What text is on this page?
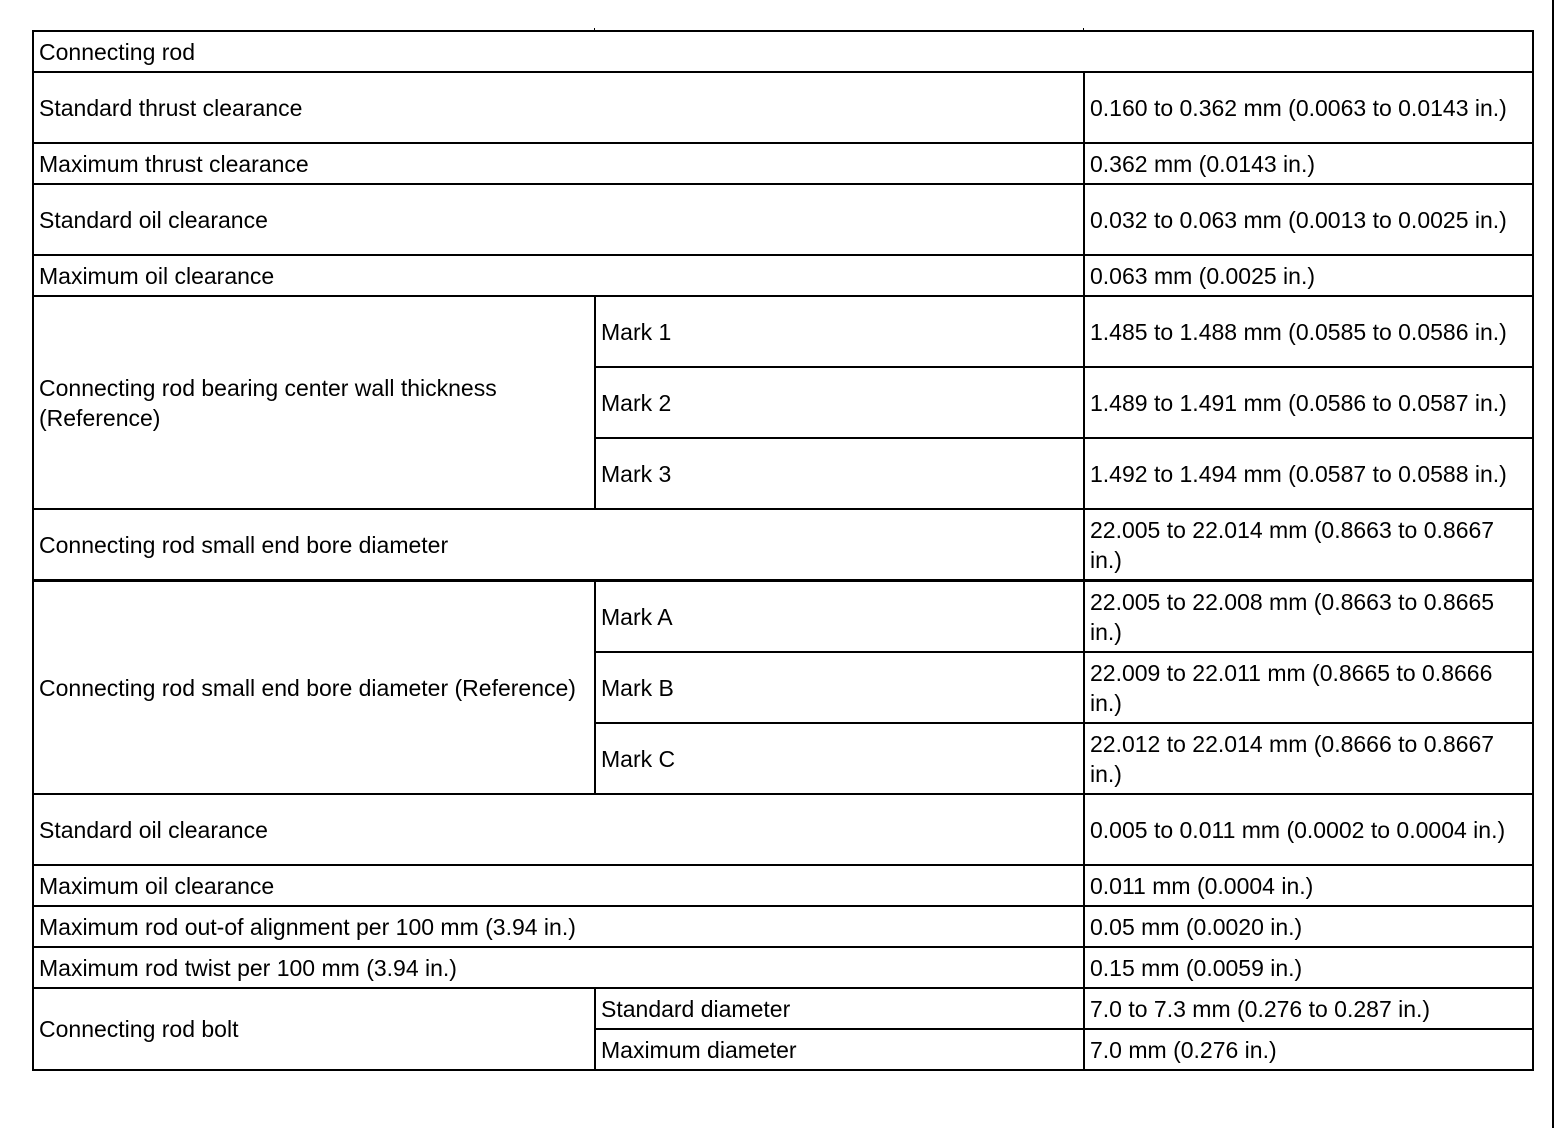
Connecting rod		
Standard thrust clearance		0.160 to 0.362 mm (0.0063 to 0.0143 in.)
Maximum thrust clearance		0.362 mm (0.0143 in.)
Standard oil clearance		0.032 to 0.063 mm (0.0013 to 0.0025 in.)
Maximum oil clearance		0.063 mm (0.0025 in.)
Connecting rod bearing center wall thickness (Reference)	Mark 1	1.485 to 1.488 mm (0.0585 to 0.0586 in.)
	Mark 2	1.489 to 1.491 mm (0.0586 to 0.0587 in.)
	Mark 3	1.492 to 1.494 mm (0.0587 to 0.0588 in.)
Connecting rod small end bore diameter		22.005 to 22.014 mm (0.8663 to 0.8667 in.)
Connecting rod small end bore diameter (Reference)	Mark A	22.005 to 22.008 mm (0.8663 to 0.8665 in.)
	Mark B	22.009 to 22.011 mm (0.8665 to 0.8666 in.)
	Mark C	22.012 to 22.014 mm (0.8666 to 0.8667 in.)
Standard oil clearance		0.005 to 0.011 mm (0.0002 to 0.0004 in.)
Maximum oil clearance		0.011 mm (0.0004 in.)
Maximum rod out-of alignment per 100 mm (3.94 in.)		0.05 mm (0.0020 in.)
Maximum rod twist per 100 mm (3.94 in.)		0.15 mm (0.0059 in.)
Connecting rod bolt	Standard diameter	7.0 to 7.3 mm (0.276 to 0.287 in.)
	Maximum diameter	7.0 mm (0.276 in.)
